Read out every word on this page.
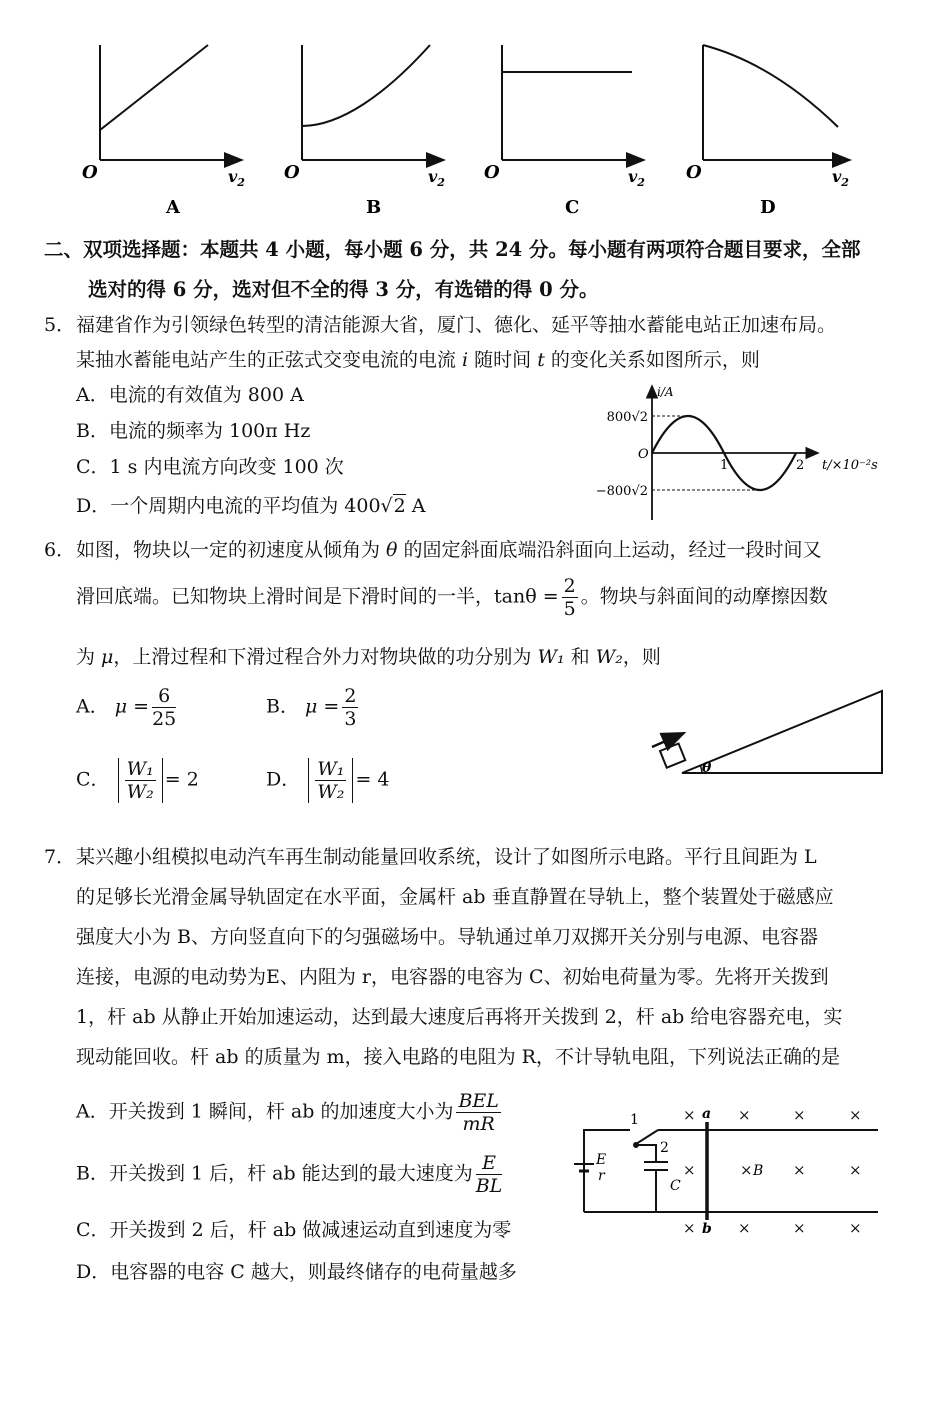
O	$v_2$
A
O	$v_2$
B
O	$v_2$
C
O	$v_2$
D
二、双项选择题：本题共 4 小题，每小题 6 分，共 24 分。每小题有两项符合题目要求，全部
选对的得 6 分，选对但不全的得 3 分，有选错的得 0 分。
5． 福建省作为引领绿色转型的清洁能源大省，厦门、德化、延平等抽水蓄能电站正加速布局。
某抽水蓄能电站产生的正弦式交变电流的电流 i 随时间 t 的变化关系如图所示，则
A．电流的有效值为 800 A
B．电流的频率为 100π Hz
C．1 s 内电流方向改变 100 次
D．一个周期内电流的平均值为 400√2 A
i/A
800√2
−800√2
O
1	2 t/×10⁻²s
6． 如图，物块以一定的初速度从倾角为 θ 的固定斜面底端沿斜面向上运动，经过一段时间又
滑回底端。已知物块上滑时间是下滑时间的一半，$\tan\theta = \frac{2}{5}$ 。物块与斜面间的动摩擦因数
为 μ，上滑过程和下滑过程合外力对物块做的功分别为 W₁ 和 W₂，则
A． $\mu = \frac{6}{25}$	B． $\mu = \frac{2}{3}$
C． $\frac{\text{W₁}}{\text{W₂}} = 2$	D． $\frac{\text{W₁}}{\text{W₂}} = 4$
θ
7． 某兴趣小组模拟电动汽车再生制动能量回收系统，设计了如图所示电路。平行且间距为 L
的足够长光滑金属导轨固定在水平面，金属杆 ab 垂直静置在导轨上，整个装置处于磁感应
强度大小为 B、方向竖直向下的匀强磁场中。导轨通过单刀双掷开关分别与电源、电容器
连接，电源的电动势为E、内阻为 r，电容器的电容为 C、初始电荷量为零。先将开关拨到
1，杆 ab 从静止开始加速运动，达到最大速度后再将开关拨到 2，杆 ab 给电容器充电，实
现动能回收。杆 ab 的质量为 m，接入电路的电阻为 R，不计导轨电阻，下列说法正确的是
A．开关拨到 1 瞬间，杆 ab 的加速度大小为 $\frac{\text{BEL}}{mR}$
B．开关拨到 1 后，杆 ab 能达到的最大速度为 $\frac{E}{BL}$
C．开关拨到 2 后，杆 ab 做减速运动直到速度为零
D．电容器的电容 C 越大，则最终储存的电荷量越多
1
2
E
r
C
a
b
B
×	×	×	×
×	×	×	×
×	×	×	×
